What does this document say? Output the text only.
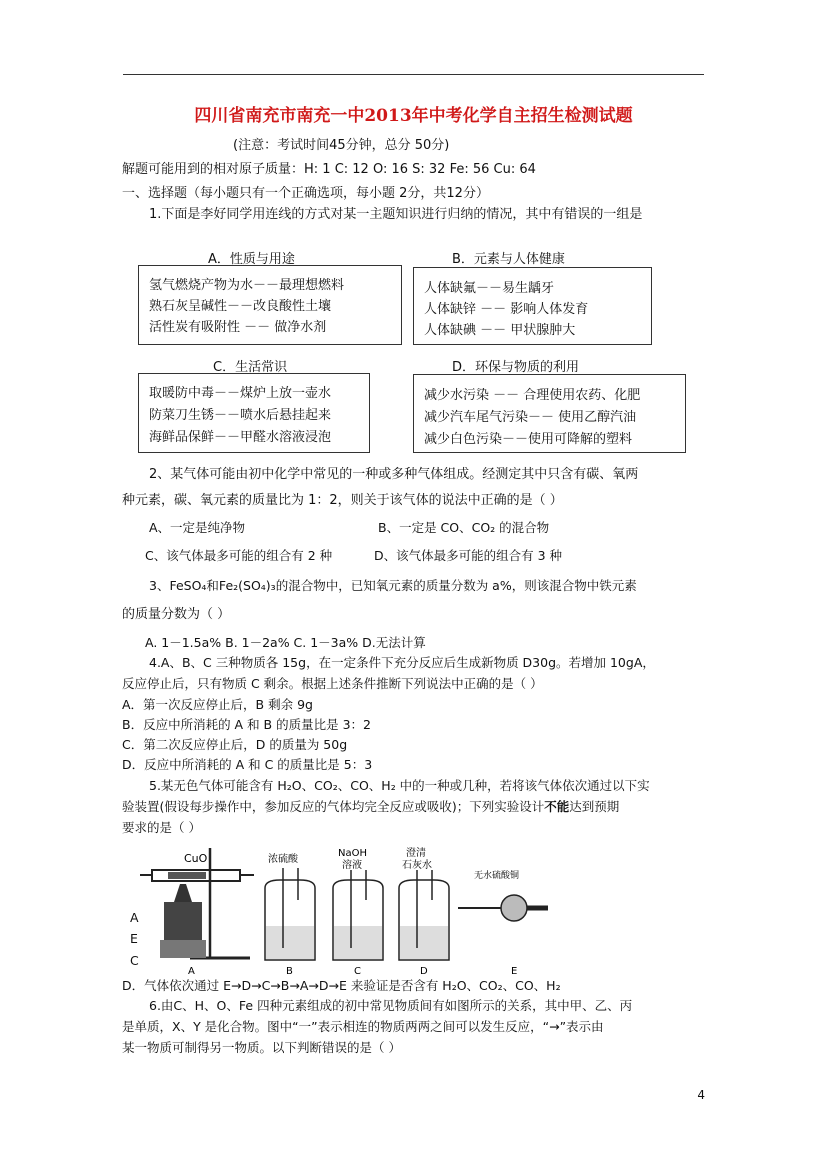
四川省南充市南充一中2013年中考化学自主招生检测试题
(注意：考试时间45分钟，总分 50分)
解题可能用到的相对原子质量：H: 1 C: 12 O: 16 S: 32 Fe: 56 Cu: 64
一、选择题（每小题只有一个正确选项，每小题 2分，共12分）
1.下面是李好同学用连线的方式对某一主题知识进行归纳的情况，其中有错误的一组是
A．性质与用途
氢气燃烧产物为水－－最理想燃料
熟石灰呈碱性－－改良酸性土壤
活性炭有吸附性 －－ 做净水剂
B．元素与人体健康
人体缺氟－－易生龋牙
人体缺锌 －－ 影响人体发育
人体缺碘 －－ 甲状腺肿大
C．生活常识
取暖防中毒－－煤炉上放一壶水
防菜刀生锈－－喷水后悬挂起来
海鲜品保鲜－－甲醛水溶液浸泡
D．环保与物质的利用
减少水污染 －－ 合理使用农药、化肥
减少汽车尾气污染－－ 使用乙醇汽油
减少白色污染－－使用可降解的塑料
2、某气体可能由初中化学中常见的一种或多种气体组成。经测定其中只含有碳、氧两
种元素，碳、氧元素的质量比为 1：2，则关于该气体的说法中正确的是（ ）
A、一定是纯净物	B、一定是 CO、CO₂ 的混合物
C、该气体最多可能的组合有 2 种	D、该气体最多可能的组合有 3 种
3、FeSO₄和Fe₂(SO₄)₃的混合物中，已知氧元素的质量分数为 a%，则该混合物中铁元素
的质量分数为（ ）
A. 1－1.5a% B. 1－2a% C. 1－3a% D.无法计算
4.A、B、C 三种物质各 15g，在一定条件下充分反应后生成新物质 D30g。若增加 10gA，
反应停止后，只有物质 C 剩余。根据上述条件推断下列说法中正确的是（ ）
A．第一次反应停止后，B 剩余 9g
B．反应中所消耗的 A 和 B 的质量比是 3：2
C．第二次反应停止后，D 的质量为 50g
D．反应中所消耗的 A 和 C 的质量比是 5：3
5.某无色气体可能含有 H₂O、CO₂、CO、H₂ 中的一种或几种，若将该气体依次通过以下实
验装置(假设每步操作中，参加反应的气体均完全反应或吸收)；下列实验设计不能达到预期
要求的是（ ）
CuO
A
浓硫酸
B
NaOH
溶液
C
澄清
石灰水
D
无水硫酸铜
E
A
E
C
D．气体依次通过 E→D→C→B→A→D→E 来验证是否含有 H₂O、CO₂、CO、H₂
6.由C、H、O、Fe 四种元素组成的初中常见物质间有如图所示的关系，其中甲、乙、丙
是单质，X、Y 是化合物。图中“一”表示相连的物质两两之间可以发生反应，“→”表示由
某一物质可制得另一物质。以下判断错误的是（ ）
4
